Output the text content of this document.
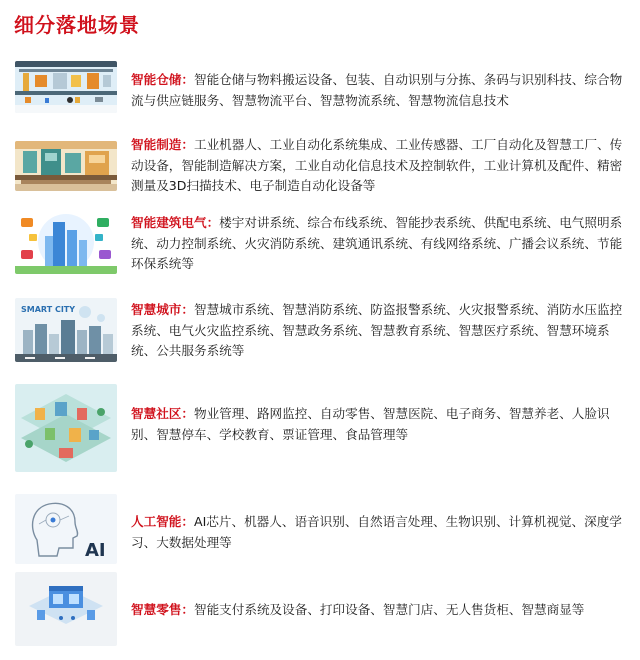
细分落地场景
智能仓储：智能仓储与物料搬运设备、包装、自动识别与分拣、条码与识别科技、综合物流与供应链服务、智慧物流平台、智慧物流系统、智慧物流信息技术
智能制造：工业机器人、工业自动化系统集成、工业传感器、工厂自动化及智慧工厂、传动设备，智能制造解决方案，工业自动化信息技术及控制软件，工业计算机及配件、精密测量及3D扫描技术、电子制造自动化设备等
智能建筑电气：楼宇对讲系统、综合布线系统、智能抄表系统、供配电系统、电气照明系统、动力控制系统、火灾消防系统、建筑通讯系统、有线网络系统、广播会议系统、节能环保系统等
SMART CITY	智慧城市：智慧城市系统、智慧消防系统、防盗报警系统、火灾报警系统、消防水压监控系统、电气火灾监控系统、智慧政务系统、智慧教育系统、智慧医疗系统、智慧环境系统、公共服务系统等
智慧社区：物业管理、路网监控、自动零售、智慧医院、电子商务、智慧养老、人脸识别、智慧停车、学校教育、票证管理、食品管理等
AI
人工智能：AI芯片、机器人、语音识别、自然语言处理、生物识别、计算机视觉、深度学习、大数据处理等
智慧零售：智能支付系统及设备、打印设备、智慧门店、无人售货柜、智慧商显等
